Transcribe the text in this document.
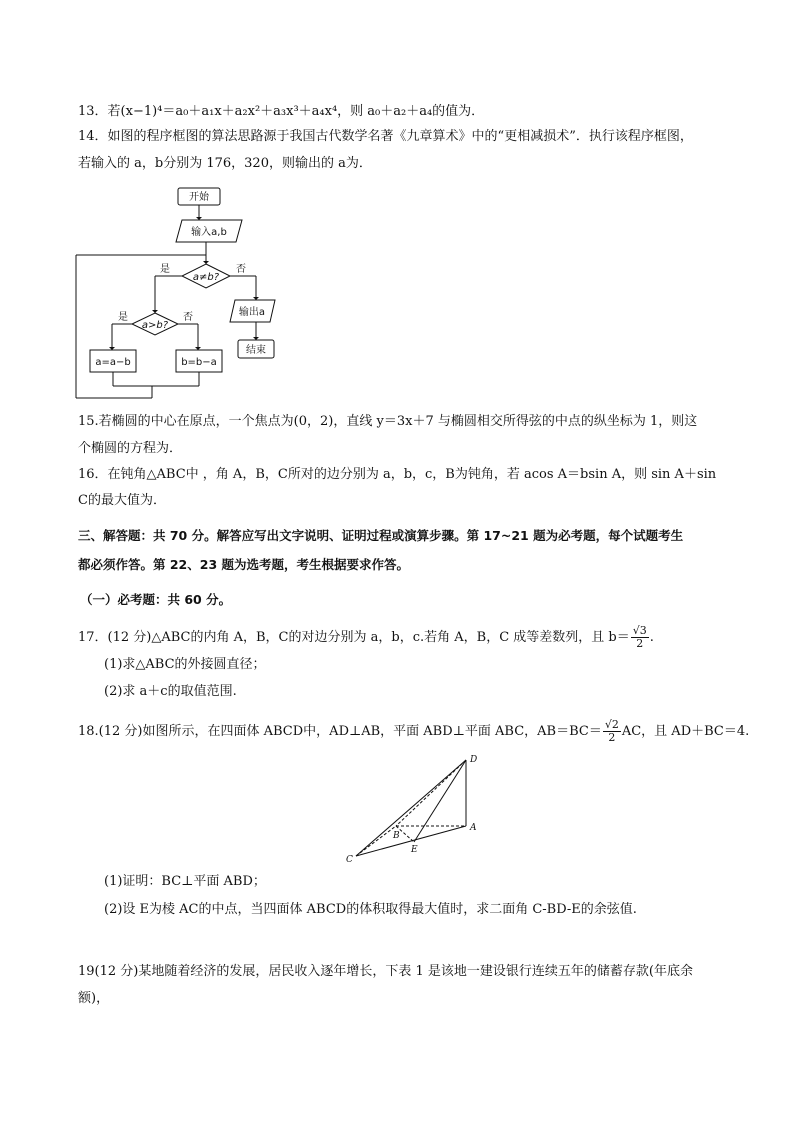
13．若(x−1)⁴＝a₀＋a₁x＋a₂x²＋a₃x³＋a₄x⁴，则 a₀＋a₂＋a₄的值为．
14．如图的程序框图的算法思路源于我国古代数学名著《九章算术》中的“更相减损术”．执行该程序框图，
若输入的 a，b分别为 176，320，则输出的 a为．
开始
输入a,b
a≠b?
是	否
输出a
结束
a>b?
是	否
a=a−b	b=b−a
15.若椭圆的中心在原点，一个焦点为(0，2)，直线 y＝3x＋7 与椭圆相交所得弦的中点的纵坐标为 1，则这
个椭圆的方程为．
16．在钝角△ABC中 ，角 A，B，C所对的边分别为 a，b，c，B为钝角，若 acos A＝bsin A，则 sin A＋sin
C的最大值为．
三、解答题：共 70 分。解答应写出文字说明、证明过程或演算步骤。第 17~21 题为必考题，每个试题考生
都必须作答。第 22、23 题为选考题，考生根据要求作答。
（一）必考题：共 60 分。
17．(12 分)△ABC的内角 A，B，C的对边分别为 a，b，c.若角 A，B，C 成等差数列，且 $b= \frac{√3}{2}$ .
(1)求△ABC的外接圆直径；
(2)求 a＋c的取值范围.
18.(12 分)如图所示，在四面体 ABCD中，AD⊥AB，平面 ABD⊥平面 ABC，$AB=BC= \frac{√2}{2}$ AC，且 AD＋BC＝4.
D
A
B
C
E
(1)证明：BC⊥平面 ABD；
(2)设 E为棱 AC的中点，当四面体 ABCD的体积取得最大值时，求二面角 C-BD-E的余弦值.
19(12 分)某地随着经济的发展，居民收入逐年增长，下表 1 是该地一建设银行连续五年的储蓄存款(年底余
额)，
